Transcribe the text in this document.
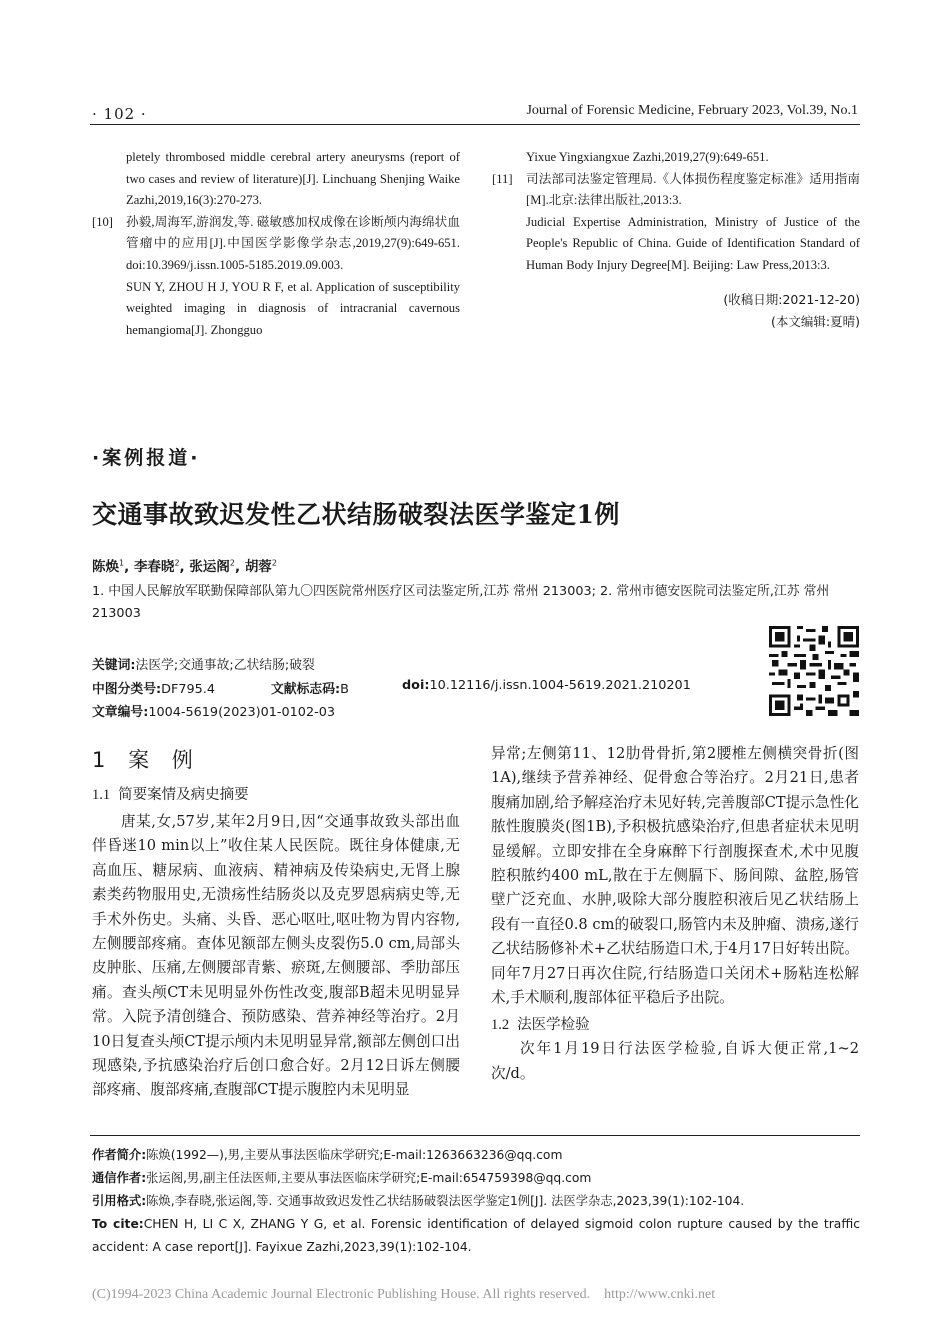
· 102 ·	Journal of Forensic Medicine, February 2023, Vol.39, No.1
pletely thrombosed middle cerebral artery aneurysms (report of two cases and review of literature)[J]. Linchuang Shenjing Waike Zazhi,2019,16(3):270-273.
[10] 孙毅,周海军,游润发,等. 磁敏感加权成像在诊断颅内海绵状血管瘤中的应用[J].中国医学影像学杂志,2019,27(9):649-651. doi:10.3969/j.issn.1005-5185.2019.09.003.
SUN Y, ZHOU H J, YOU R F, et al. Application of susceptibility weighted imaging in diagnosis of intracranial cavernous hemangioma[J]. Zhongguo
Yixue Yingxiangxue Zazhi,2019,27(9):649-651.
[11] 司法部司法鉴定管理局.《人体损伤程度鉴定标准》适用指南[M].北京:法律出版社,2013:3.
Judicial Expertise Administration, Ministry of Justice of the People's Republic of China. Guide of Identification Standard of Human Body Injury Degree[M]. Beijing: Law Press,2013:3.
(收稿日期:2021-12-20)
(本文编辑:夏晴)
·案例报道·
交通事故致迟发性乙状结肠破裂法医学鉴定1例
陈焕$^1$, 李春晓$^2$, 张运阁$^2$, 胡蓉$^2$
1. 中国人民解放军联勤保障部队第九〇四医院常州医疗区司法鉴定所,江苏 常州 213003; 2. 常州市德安医院司法鉴定所,江苏 常州 213003
关键词:法医学;交通事故;乙状结肠;破裂
中图分类号:DF795.4	文献标志码:B	doi:10.12116/j.issn.1004-5619.2021.210201
文章编号:1004-5619(2023)01-0102-03
1 案 例
1.1 简要案情及病史摘要

唐某,女,57岁,某年2月9日,因“交通事故致头部出血伴昏迷10 min以上”收住某人民医院。既往身体健康,无高血压、糖尿病、血液病、精神病及传染病史,无肾上腺素类药物服用史,无溃疡性结肠炎以及克罗恩病病史等,无手术外伤史。头痛、头昏、恶心呕吐,呕吐物为胃内容物,左侧腰部疼痛。查体见额部左侧头皮裂伤5.0 cm,局部头皮肿胀、压痛,左侧腰部青紫、瘀斑,左侧腰部、季肋部压痛。查头颅CT未见明显外伤性改变,腹部B超未见明显异常。入院予清创缝合、预防感染、营养神经等治疗。2月10日复查头颅CT提示颅内未见明显异常,额部左侧创口出现感染,予抗感染治疗后创口愈合好。2月12日诉左侧腰部疼痛、腹部疼痛,查腹部CT提示腹腔内未见明显

异常;左侧第11、12肋骨骨折,第2腰椎左侧横突骨折(图1A),继续予营养神经、促骨愈合等治疗。2月21日,患者腹痛加剧,给予解痉治疗未见好转,完善腹部CT提示急性化脓性腹膜炎(图1B),予积极抗感染治疗,但患者症状未见明显缓解。立即安排在全身麻醉下行剖腹探查术,术中见腹腔积脓约400 mL,散在于左侧膈下、肠间隙、盆腔,肠管壁广泛充血、水肿,吸除大部分腹腔积液后见乙状结肠上段有一直径0.8 cm的破裂口,肠管内未及肿瘤、溃疡,遂行乙状结肠修补术+乙状结肠造口术,于4月17日好转出院。同年7月27日再次住院,行结肠造口关闭术+肠粘连松解术,手术顺利,腹部体征平稳后予出院。

1.2 法医学检验

次年1月19日行法医学检验,自诉大便正常,1~2次/d。

作者简介:陈焕(1992—),男,主要从事法医临床学研究;E-mail:1263663236@qq.com
通信作者:张运阁,男,副主任法医师,主要从事法医临床学研究;E-mail:654759398@qq.com
引用格式:陈焕,李春晓,张运阁,等. 交通事故致迟发性乙状结肠破裂法医学鉴定1例[J]. 法医学杂志,2023,39(1):102-104.
To cite:CHEN H, LI C X, ZHANG Y G, et al. Forensic identification of delayed sigmoid colon rupture caused by the traffic accident: A case report[J]. Fayixue Zazhi,2023,39(1):102-104.
(C)1994-2023 China Academic Journal Electronic Publishing House. All rights reserved.    http://www.cnki.net
